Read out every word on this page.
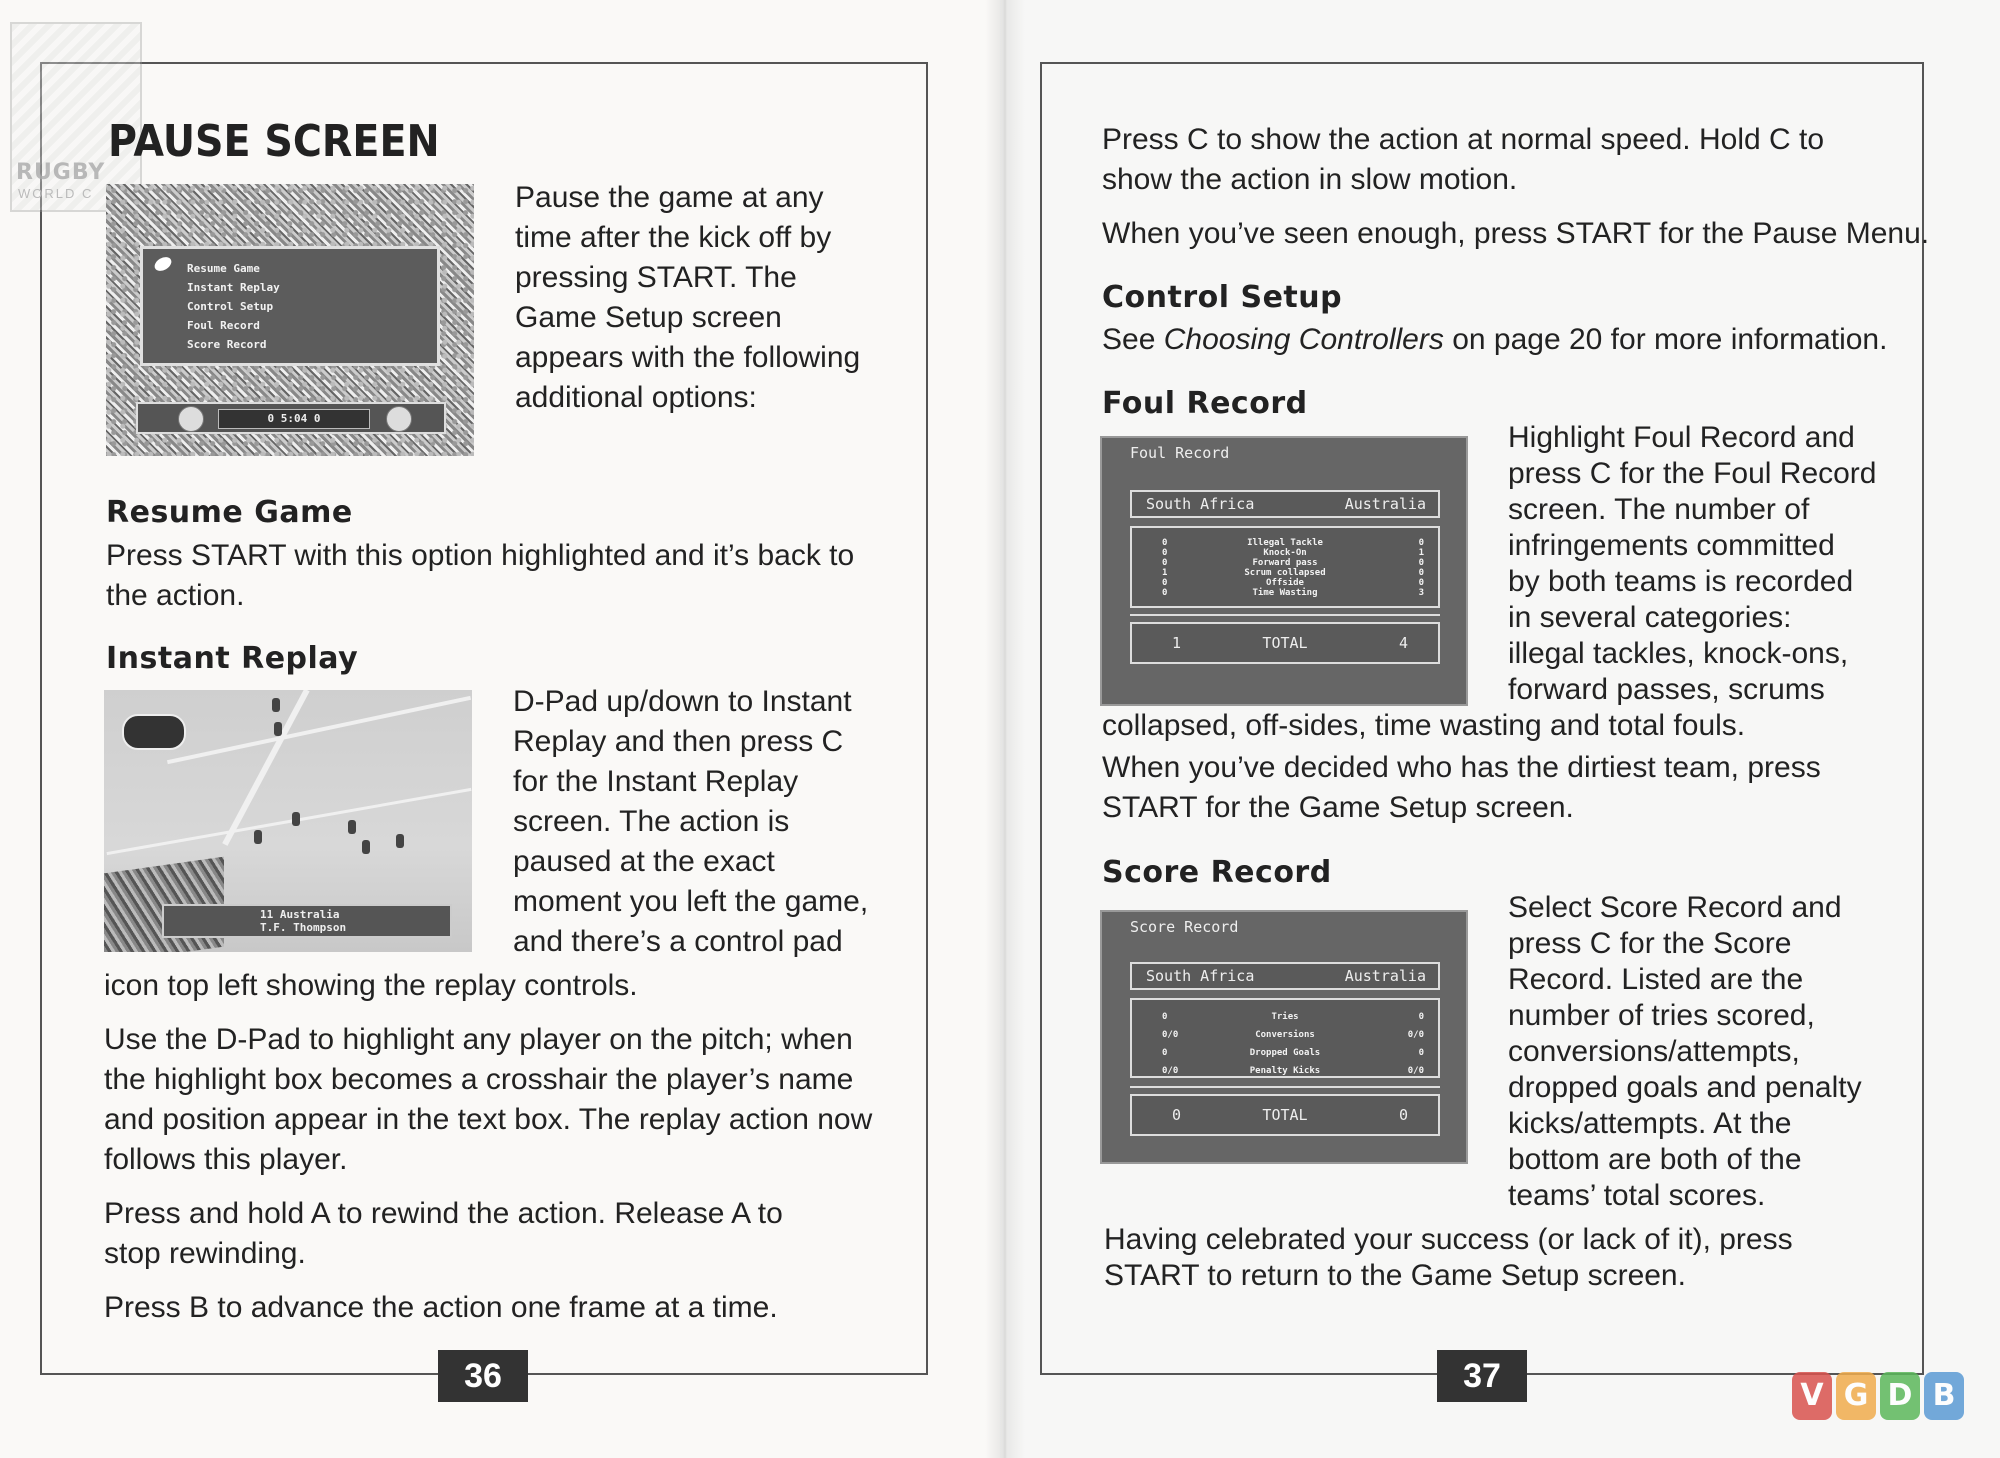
RUGBY
WORLD C
PAUSE SCREEN
Resume Game
Instant Replay
Control Setup
Foul Record
Score Record
0 5:04 0
Pause the game at any
time after the kick off by
pressing START. The
Game Setup screen
appears with the following
additional options:
Resume Game
Press START with this option highlighted and it’s back to
the action.
Instant Replay
11 Australia
T.F. Thompson
D-Pad up/down to Instant
Replay and then press C
for the Instant Replay
screen. The action is
paused at the exact
moment you left the game,
and there’s a control pad
icon top left showing the replay controls.
Use the D-Pad to highlight any player on the pitch; when
the highlight box becomes a crosshair the player’s name
and position appear in the text box. The replay action now
follows this player.
Press and hold A to rewind the action. Release A to
stop rewinding.
Press B to advance the action one frame at a time.
36
Press C to show the action at normal speed. Hold C to
show the action in slow motion.
When you’ve seen enough, press START for the Pause Menu.
Control Setup
See Choosing Controllers on page 20 for more information.
Foul Record
Foul Record
South Africa	Australia
0	Illegal Tackle	0
0	Knock-On	1
0	Forward pass	0
1	Scrum collapsed	0
0	Offside	0
0	Time Wasting	3
1	TOTAL	4
Highlight Foul Record and
press C for the Foul Record
screen. The number of
infringements committed
by both teams is recorded
in several categories:
illegal tackles, knock-ons,
forward passes, scrums
collapsed, off-sides, time wasting and total fouls.
When you’ve decided who has the dirtiest team, press
START for the Game Setup screen.
Score Record
Score Record
South Africa	Australia
0	Tries	0
0/0	Conversions	0/0
0	Dropped Goals	0
0/0	Penalty Kicks	0/0
0	TOTAL	0
Select Score Record and
press C for the Score
Record. Listed are the
number of tries scored,
conversions/attempts,
dropped goals and penalty
kicks/attempts. At the
bottom are both of the
teams’ total scores.
Having celebrated your success (or lack of it), press
START to return to the Game Setup screen.
37
V G D B
